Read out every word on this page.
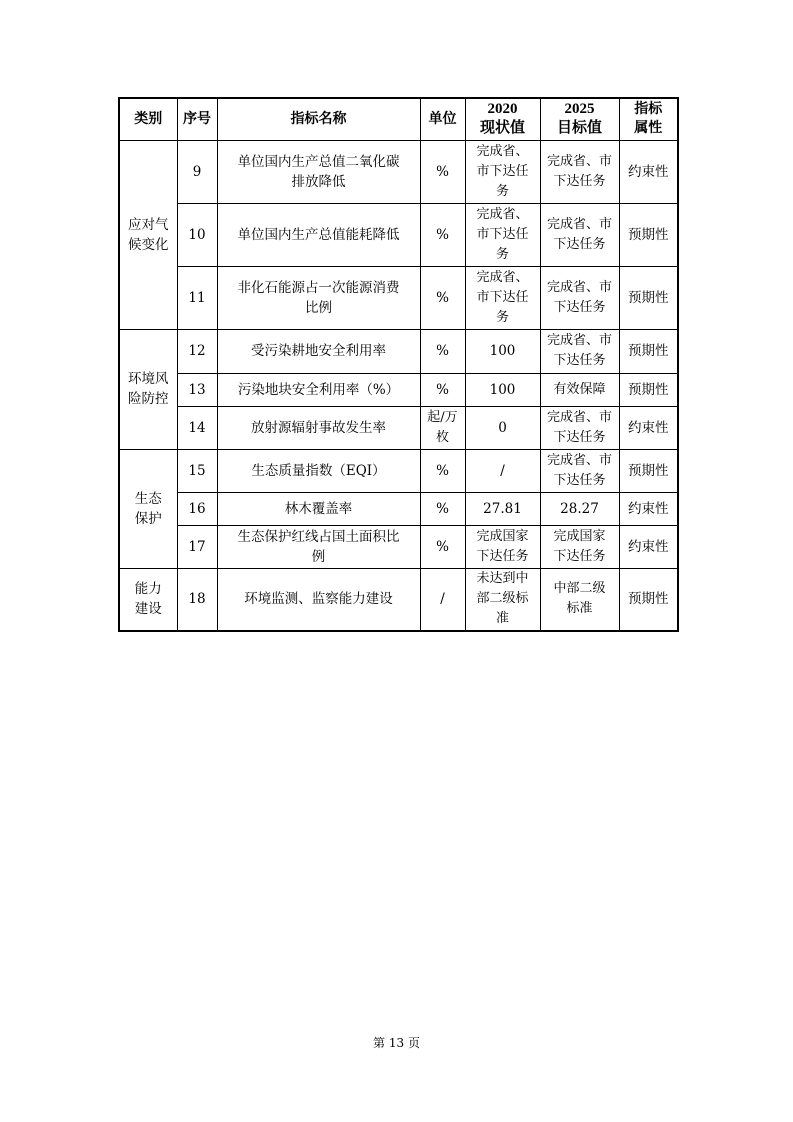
类别	序号	指标名称	单位	2020
现状值	2025
目标值	指标
属性

应对气
候变化	9	单位国内生产总值二氧化碳
排放降低	%	完成省、
市下达任
务	完成省、市
下达任务	约束性

	10	单位国内生产总值能耗降低	%	完成省、
市下达任
务	完成省、市
下达任务	预期性

	11	非化石能源占一次能源消费
比例	%	完成省、
市下达任
务	完成省、市
下达任务	预期性

环境风
险防控	12	受污染耕地安全利用率	%	100	完成省、市
下达任务	预期性

	13	污染地块安全利用率（%）	%	100	有效保障	预期性

	14	放射源辐射事故发生率	起/万
枚	0	完成省、市
下达任务	约束性

生态
保护	15	生态质量指数（EQI）	%	/	完成省、市
下达任务	预期性

	16	林木覆盖率	%	27.81	28.27	约束性

	17	生态保护红线占国土面积比
例	%	完成国家
下达任务	完成国家
下达任务	约束性

能力
建设	18	环境监测、监察能力建设	/	未达到中
部二级标
准	中部二级
标准	预期性
第 13 页
